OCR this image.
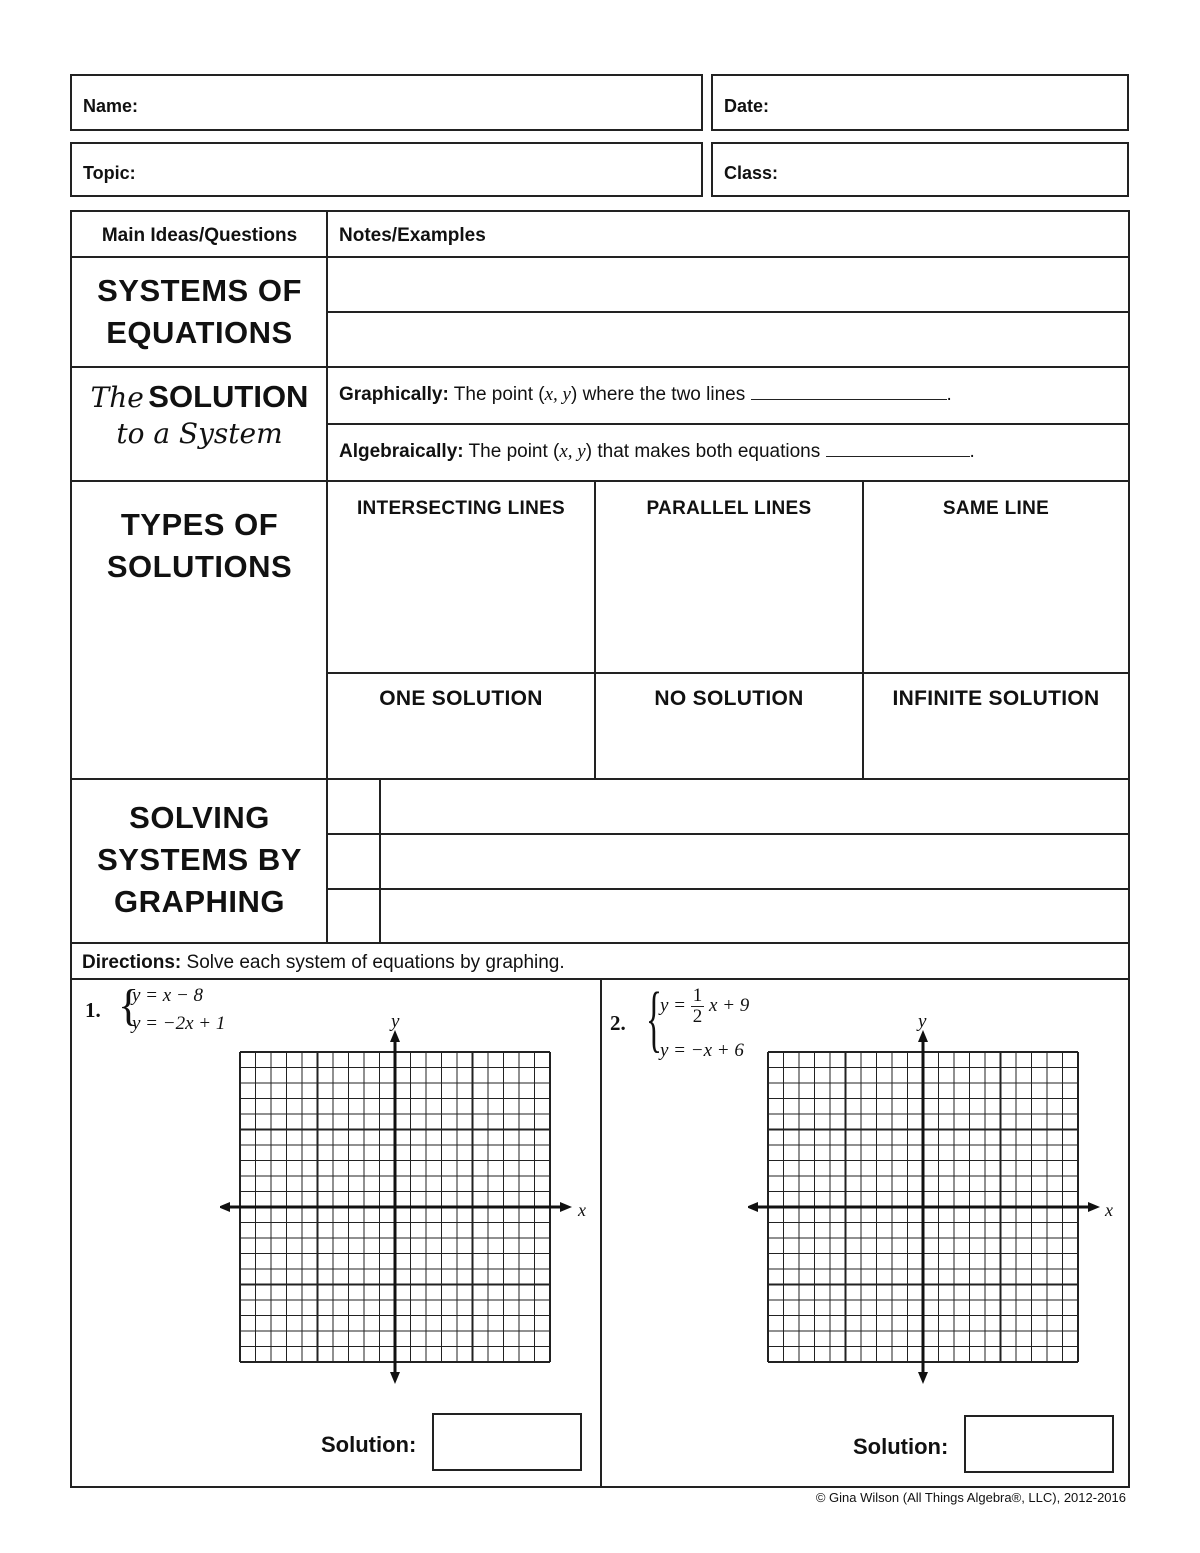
Name:	Date:
Topic:	Class:
Main Ideas/Questions	Notes/Examples
SYSTEMS OF
EQUATIONS
The SOLUTION
to a System
Graphically: The point (x, y) where the two lines	.
Algebraically: The point (x, y) that makes both equations	.
TYPES OF
SOLUTIONS
INTERSECTING LINES	PARALLEL LINES	SAME LINE
ONE SOLUTION	NO SOLUTION	INFINITE SOLUTION
SOLVING
SYSTEMS BY
GRAPHING
Directions: Solve each system of equations by graphing.
1. {
y = x − 8
y = −2x + 1	y
x
Solution:
2. {
$y = \frac{1}{2}$ x + 9
y = −x + 6
y
x
Solution:
© Gina Wilson (All Things Algebra®, LLC), 2012-2016
